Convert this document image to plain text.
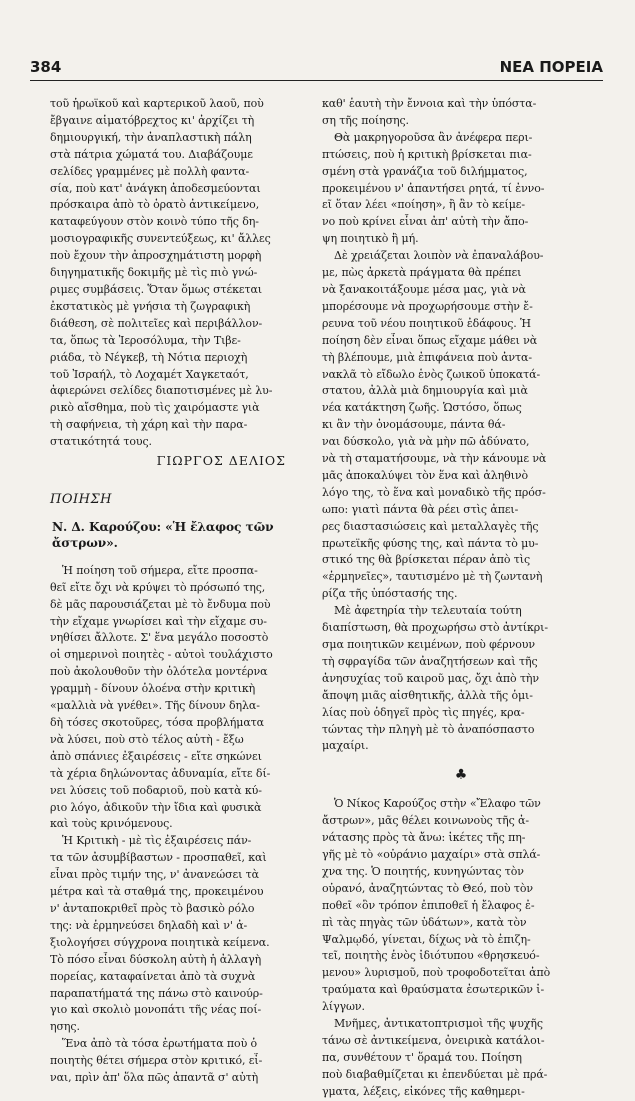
384	ΝΕΑ ΠΟΡΕΙΑ
τοῦ ἡρωϊκοῦ καὶ καρτερικοῦ λαοῦ, ποὺ
ἔβγαινε αἱματόβρεχτος κι' ἀρχίζει τὴ
δημιουργική, τὴν ἀναπλαστικὴ πάλη
στὰ πάτρια χώματά του. Διαβάζουμε
σελίδες γραμμένες μὲ πολλὴ φαντα-
σία, ποὺ κατ' ἀνάγκη ἀποδεσμεύονται
πρόσκαιρα ἀπὸ τὸ ὁρατὸ ἀντικείμενο,
καταφεύγουν στὸν κοινὸ τύπο τῆς δη-
μοσιογραφικῆς συνεντεύξεως, κι' ἄλλες
ποὺ ἔχουν τὴν ἀπροσχημάτιστη μορφὴ
διηγηματικῆς δοκιμῆς μὲ τὶς πιὸ γνώ-
ριμες συμβάσεις. Ὅταν ὅμως στέκεται
ἐκστατικὸς μὲ γνήσια τὴ ζωγραφικὴ
διάθεση, σὲ πολιτεῖες καὶ περιβάλλον-
τα, ὅπως τὰ Ἱεροσόλυμα, τὴν Τιβε-
ριάδα, τὸ Νέγκεβ, τὴ Νότια περιοχὴ
τοῦ Ἰσραήλ, τὸ Λοχαμέτ Χαγκεταότ,
ἀφιερώνει σελίδες διαποτισμένες μὲ λυ-
ρικὸ αἴσθημα, ποὺ τὶς χαιρόμαστε γιὰ
τὴ σαφήνεια, τὴ χάρη καὶ τὴν παρα-
στατικότητά τους.
ΓΙΩΡΓΟΣ ΔΕΛΙΟΣ
ΠΟΙΗΣΗ
Ν. Δ. Καρούζου: «Ἡ ἔλαφος τῶν
ἄστρων».
Ἡ ποίηση τοῦ σήμερα, εἴτε προσπα-
θεῖ εἴτε ὄχι νὰ κρύψει τὸ πρόσωπό της,
δὲ μᾶς παρουσιάζεται μὲ τὸ ἔνδυμα ποὺ
τὴν εἴχαμε γνωρίσει καὶ τὴν εἴχαμε συ-
νηθίσει ἄλλοτε. Σ' ἕνα μεγάλο ποσοστὸ
οἱ σημερινοὶ ποιητὲς - αὐτοὶ τουλάχιστο
ποὺ ἀκολουθοῦν τὴν ὁλότελα μοντέρνα
γραμμὴ - δίνουν ὁλοένα στὴν κριτικὴ
«μαλλιὰ νὰ γνέθει». Τῆς δίνουν δηλα-
δὴ τόσες σκοτοῦρες, τόσα προβλήματα
νὰ λύσει, ποὺ στὸ τέλος αὐτὴ - ἔξω
ἀπὸ σπάνιες ἐξαιρέσεις - εἴτε σηκώνει
τὰ χέρια δηλώνοντας ἀδυναμία, εἴτε δί-
νει λύσεις τοῦ ποδαριοῦ, ποὺ κατὰ κύ-
ριο λόγο, ἀδικοῦν τὴν ἴδια καὶ φυσικὰ
καὶ τοὺς κρινόμενους.
Ἡ Κριτικὴ - μὲ τὶς ἐξαιρέσεις πάν-
τα τῶν ἀσυμβίβαστων - προσπαθεῖ, καὶ
εἶναι πρὸς τιμήν της, ν' ἀνανεώσει τὰ
μέτρα καὶ τὰ σταθμά της, προκειμένου
ν' ἀνταποκριθεῖ πρὸς τὸ βασικὸ ρόλο
της: νὰ ἑρμηνεύσει δηλαδὴ καὶ ν' ἀ-
ξιολογήσει σύγχρονα ποιητικὰ κείμενα.
Τὸ πόσο εἶναι δύσκολη αὐτὴ ἡ ἀλλαγὴ
πορείας, καταφαίνεται ἀπὸ τὰ συχνὰ
παραπατήματά της πάνω στὸ καινούρ-
γιο καὶ σκολιὸ μονοπάτι τῆς νέας ποί-
ησης.
Ἕνα ἀπὸ τὰ τόσα ἐρωτήματα ποὺ ὁ
ποιητὴς θέτει σήμερα στὸν κριτικό, εἶ-
ναι, πρὶν ἀπ' ὅλα πῶς ἀπαντᾶ σ' αὐτὴ
καθ' ἑαυτὴ τὴν ἔννοια καὶ τὴν ὑπόστα-
ση τῆς ποίησης.
Θὰ μακρηγοροῦσα ἂν ἀνέφερα περι-
πτώσεις, ποὺ ἡ κριτικὴ βρίσκεται πια-
σμένη στὰ γρανάζια τοῦ διλήμματος,
προκειμένου ν' ἀπαντήσει ρητά, τί ἐννο-
εῖ ὅταν λέει «ποίηση», ἢ ἂν τὸ κείμε-
νο ποὺ κρίνει εἶναι ἀπ' αὐτὴ τὴν ἄπο-
ψη ποιητικὸ ἢ μή.
Δὲ χρειάζεται λοιπὸν νὰ ἐπαναλάβου-
με, πὼς ἀρκετὰ πράγματα θὰ πρέπει
νὰ ξανακοιτάξουμε μέσα μας, γιὰ νὰ
μπορέσουμε νὰ προχωρήσουμε στὴν ἔ-
ρευνα τοῦ νέου ποιητικοῦ ἐδάφους. Ἡ
ποίηση δὲν εἶναι ὅπως εἴχαμε μάθει νὰ
τὴ βλέπουμε, μιὰ ἐπιφάνεια ποὺ ἀντα-
νακλᾶ τὸ εἴδωλο ἑνὸς ζωικοῦ ὑποκατά-
στατου, ἀλλὰ μιὰ δημιουργία καὶ μιὰ
νέα κατάκτηση ζωῆς. Ὡστόσο, ὅπως
κι ἂν τὴν ὀνομάσουμε, πάντα θά-
ναι δύσκολο, γιὰ νὰ μὴν πῶ ἀδύνατο,
νὰ τὴ σταματήσουμε, νὰ τὴν κάνουμε νὰ
μᾶς ἀποκαλύψει τὸν ἕνα καὶ ἀληθινὸ
λόγο της, τὸ ἕνα καὶ μοναδικὸ τῆς πρόσ-
ωπο: γιατὶ πάντα θὰ ρέει στὶς ἀπει-
ρες διαστασιώσεις καὶ μεταλλαγὲς τῆς
πρωτεϊκῆς φύσης της, καὶ πάντα τὸ μυ-
στικό της θὰ βρίσκεται πέραν ἀπὸ τὶς
«ἑρμηνεῖες», ταυτισμένο μὲ τὴ ζωντανὴ
ρίζα τῆς ὑπόστασής της.
Μὲ ἀφετηρία τὴν τελευταία τούτη
διαπίστωση, θὰ προχωρήσω στὸ ἀντίκρι-
σμα ποιητικῶν κειμένων, ποὺ φέρνουν
τὴ σφραγίδα τῶν ἀναζητήσεων καὶ τῆς
ἀνησυχίας τοῦ καιροῦ μας, ὄχι ἀπὸ τὴν
ἄποψη μιᾶς αἰσθητικῆς, ἀλλὰ τῆς ὁμι-
λίας ποὺ ὁδηγεῖ πρὸς τὶς πηγές, κρα-
τώντας τὴν πληγὴ μὲ τὸ ἀναπόσπαστο
μαχαίρι.
♣
Ὁ Νίκος Καρούζος στὴν «Ἔλαφο τῶν
ἄστρων», μᾶς θέλει κοινωνοὺς τῆς ἀ-
νάτασης πρὸς τὰ ἄνω: ἱκέτες τῆς πη-
γῆς μὲ τὸ «οὐράνιο μαχαίρι» στὰ σπλά-
χνα της. Ὁ ποιητής, κυνηγώντας τὸν
οὐρανό, ἀναζητώντας τὸ Θεό, ποὺ τὸν
ποθεῖ «ὃν τρόπον ἐπιποθεῖ ἡ ἔλαφος ἐ-
πὶ τὰς πηγὰς τῶν ὑδάτων», κατὰ τὸν
Ψαλμῳδό, γίνεται, δίχως νὰ τὸ ἐπιζη-
τεῖ, ποιητὴς ἑνὸς ἰδιότυπου «θρησκευό-
μενου» λυρισμοῦ, ποὺ τροφοδοτεῖται ἀπὸ
τραύματα καὶ θραύσματα ἐσωτερικῶν ἰ-
λίγγων.
Μνῆμες, ἀντικατοπτρισμοὶ τῆς ψυχῆς
τάνω σὲ ἀντικείμενα, ὀνειρικὰ κατάλοι-
πα, συνθέτουν τ' ὅραμά του. Ποίηση
ποὺ διαβαθμίζεται κι ἐπενδύεται μὲ πρά-
γματα, λέξεις, εἰκόνες τῆς καθημερι-
